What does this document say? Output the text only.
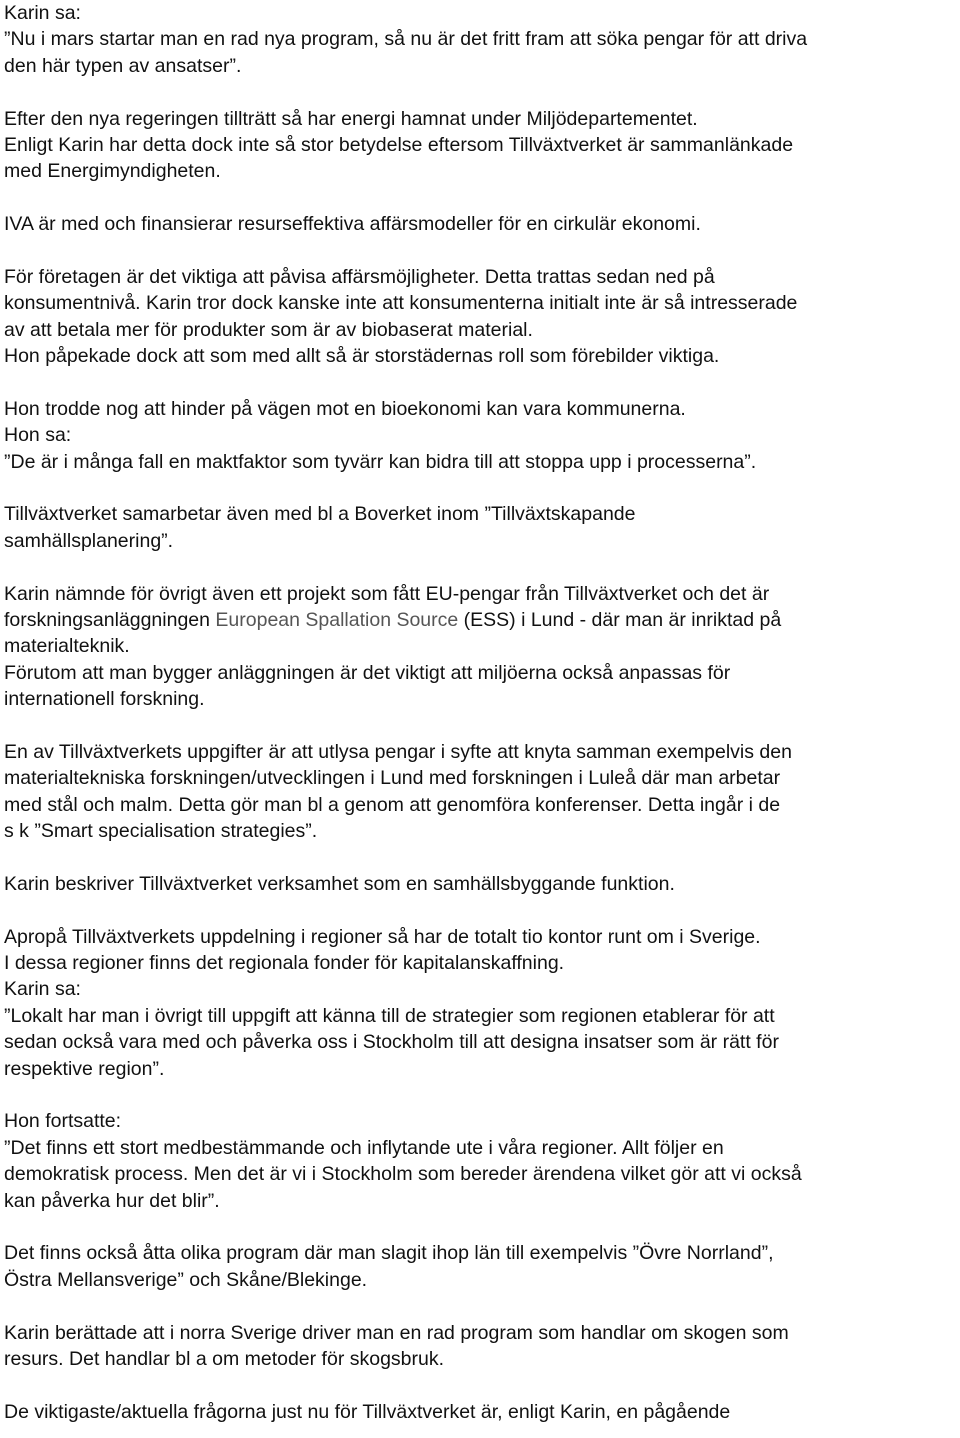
Karin sa:
”Nu i mars startar man en rad nya program, så nu är det fritt fram att söka pengar för att driva
den här typen av ansatser”.
Efter den nya regeringen tillträtt så har energi hamnat under Miljödepartementet.
Enligt Karin har detta dock inte så stor betydelse eftersom Tillväxtverket är sammanlänkade
med Energimyndigheten.
IVA är med och finansierar resurseffektiva affärsmodeller för en cirkulär ekonomi.
För företagen är det viktiga att påvisa affärsmöjligheter. Detta trattas sedan ned på
konsumentnivå. Karin tror dock kanske inte att konsumenterna initialt inte är så intresserade
av att betala mer för produkter som är av biobaserat material.
Hon påpekade dock att som med allt så är storstädernas roll som förebilder viktiga.
Hon trodde nog att hinder på vägen mot en bioekonomi kan vara kommunerna.
Hon sa:
”De är i många fall en maktfaktor som tyvärr kan bidra till att stoppa upp i processerna”.
Tillväxtverket samarbetar även med bl a Boverket inom ”Tillväxtskapande
samhällsplanering”.
Karin nämnde för övrigt även ett projekt som fått EU-pengar från Tillväxtverket och det är
forskningsanläggningen European Spallation Source (ESS) i Lund - där man är inriktad på
materialteknik.
Förutom att man bygger anläggningen är det viktigt att miljöerna också anpassas för
internationell forskning.
En av Tillväxtverkets uppgifter är att utlysa pengar i syfte att knyta samman exempelvis den
materialtekniska forskningen/utvecklingen i Lund med forskningen i Luleå där man arbetar
med stål och malm. Detta gör man bl a genom att genomföra konferenser. Detta ingår i de
s k ”Smart specialisation strategies”.
Karin beskriver Tillväxtverket verksamhet som en samhällsbyggande funktion.
Apropå Tillväxtverkets uppdelning i regioner så har de totalt tio kontor runt om i Sverige.
I dessa regioner finns det regionala fonder för kapitalanskaffning.
Karin sa:
”Lokalt har man i övrigt till uppgift att känna till de strategier som regionen etablerar för att
sedan också vara med och påverka oss i Stockholm till att designa insatser som är rätt för
respektive region”.
Hon fortsatte:
”Det finns ett stort medbestämmande och inflytande ute i våra regioner. Allt följer en
demokratisk process. Men det är vi i Stockholm som bereder ärendena vilket gör att vi också
kan påverka hur det blir”.
Det finns också åtta olika program där man slagit ihop län till exempelvis ”Övre Norrland”,
Östra Mellansverige” och Skåne/Blekinge.
Karin berättade att i norra Sverige driver man en rad program som handlar om skogen som
resurs. Det handlar bl a om metoder för skogsbruk.
De viktigaste/aktuella frågorna just nu för Tillväxtverket är, enligt Karin, en pågående
